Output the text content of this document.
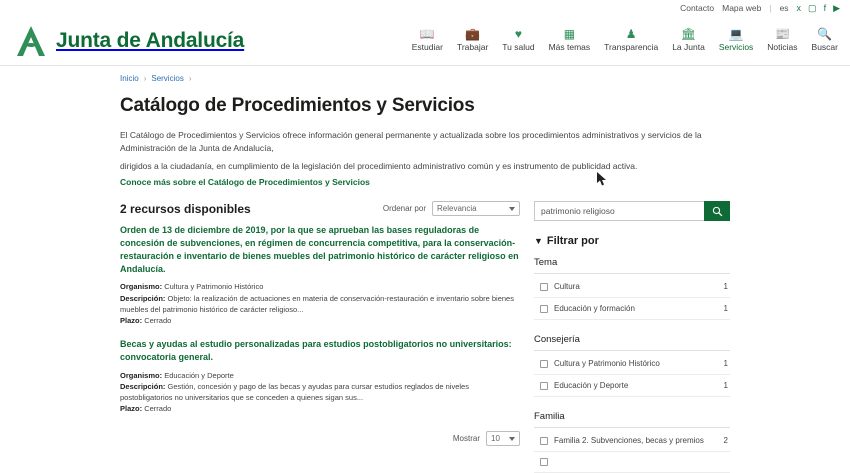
Contacto Mapa web | es x ▢ f ▶
Junta de Andalucía	📖
Estudiar
💼
Trabajar
♥
Tu salud
▦
Más temas
♟
Transparencia
🏛
La Junta
💻
Servicios
📰
Noticias
🔍
Buscar
Inicio › Servicios ›
Catálogo de Procedimientos y Servicios
El Catálogo de Procedimientos y Servicios ofrece información general permanente y actualizada sobre los procedimientos administrativos y servicios de la Administración de la Junta de Andalucía,
dirigidos a la ciudadanía, en cumplimiento de la legislación del procedimiento administrativo común y es instrumento de publicidad activa.
Conoce más sobre el Catálogo de Procedimientos y Servicios
2 recursos disponibles	Ordenar por	Relevancia
Orden de 13 de diciembre de 2019, por la que se aprueban las bases reguladoras de concesión de subvenciones, en régimen de concurrencia competitiva, para la conservación-restauración e inventario de bienes muebles del patrimonio histórico de carácter religioso en Andalucía.
Organismo: Cultura y Patrimonio Histórico
Descripción: Objeto: la realización de actuaciones en materia de conservación-restauración e inventario sobre bienes muebles del patrimonio histórico de carácter religioso...
Plazo: Cerrado
Becas y ayudas al estudio personalizadas para estudios postobligatorios no universitarios: convocatoria general.
Organismo: Educación y Deporte
Descripción: Gestión, concesión y pago de las becas y ayudas para cursar estudios reglados de niveles postobligatorios no universitarios que se conceden a quienes sigan sus...
Plazo: Cerrado
Mostrar	10
patrimonio religioso
▼ Filtrar por
Tema
Cultura	1
Educación y formación	1
Consejería
Cultura y Patrimonio Histórico	1
Educación y Deporte	1
Familia
Familia 2. Subvenciones, becas y premios 2
